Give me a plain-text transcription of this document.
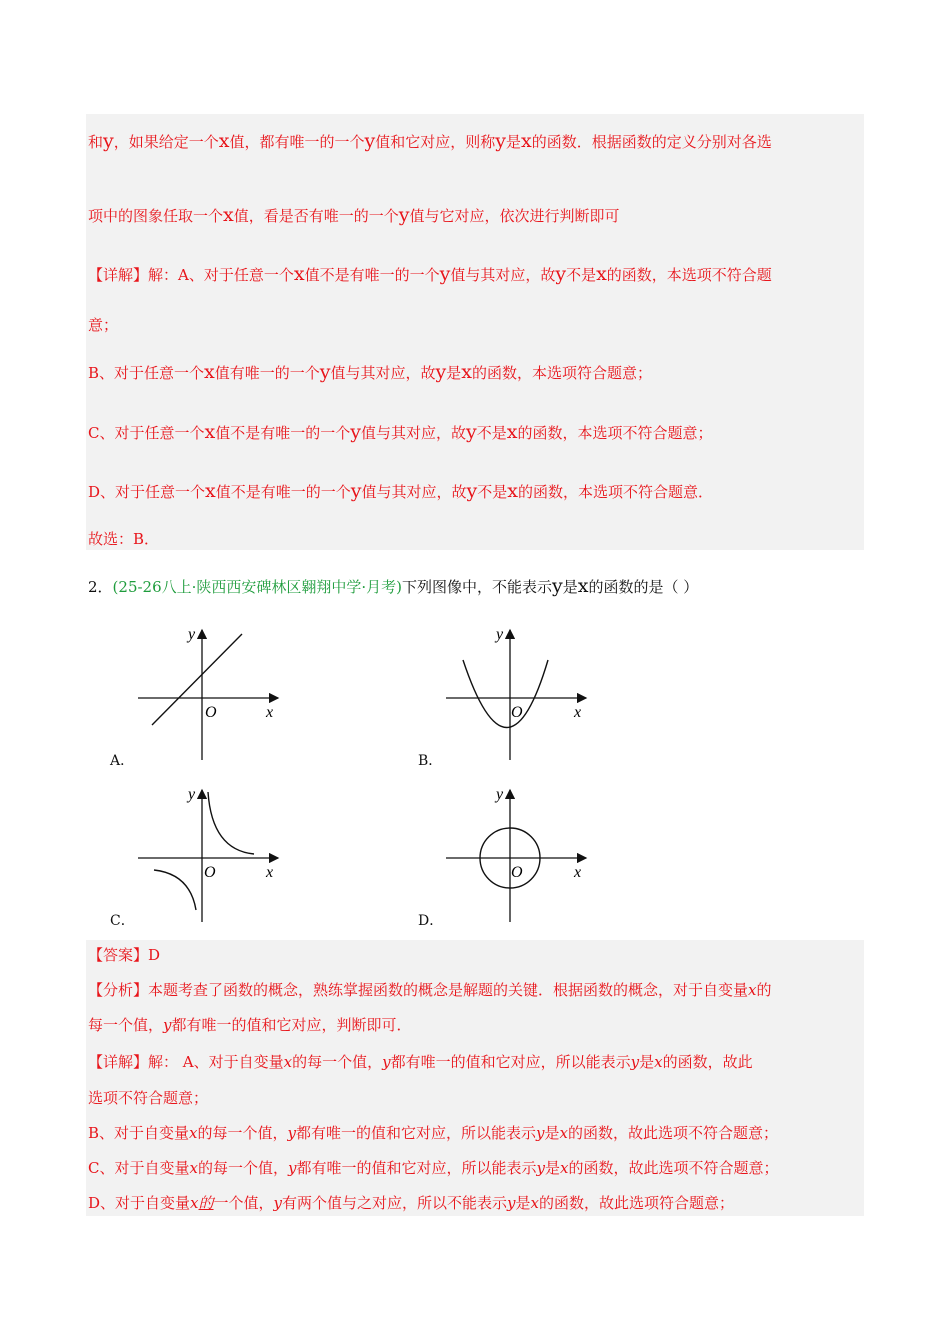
和y，如果给定一个x值，都有唯一的一个y值和它对应，则称y是x的函数．根据函数的定义分别对各选
项中的图象任取一个x值，看是否有唯一的一个y值与它对应，依次进行判断即可
【详解】解：A、对于任意一个x值不是有唯一的一个y值与其对应，故y不是x的函数，本选项不符合题
意；
B、对于任意一个x值有唯一的一个y值与其对应，故y是x的函数，本选项符合题意；
C、对于任意一个x值不是有唯一的一个y值与其对应，故y不是x的函数，本选项不符合题意；
D、对于任意一个x值不是有唯一的一个y值与其对应，故y不是x的函数，本选项不符合题意．
故选：B．
2．(25-26八上·陕西西安碑林区翱翔中学·月考)下列图像中，不能表示y是x的函数的是（ ）
y
x
O
A．
y
x
O
B．
y
x
O
C．
y
x
O
D．
【答案】D
【分析】本题考查了函数的概念，熟练掌握函数的概念是解题的关键．根据函数的概念，对于自变量x的
每一个值，y都有唯一的值和它对应，判断即可．
【详解】解： A、对于自变量x的每一个值，y都有唯一的值和它对应，所以能表示y是x的函数，故此
选项不符合题意；
B、对于自变量x的每一个值，y都有唯一的值和它对应，所以能表示y是x的函数，故此选项不符合题意；
C、对于自变量x的每一个值，y都有唯一的值和它对应，所以能表示y是x的函数，故此选项不符合题意；
D、对于自变量x的一个值，y有两个值与之对应，所以不能表示y是x的函数，故此选项符合题意；
